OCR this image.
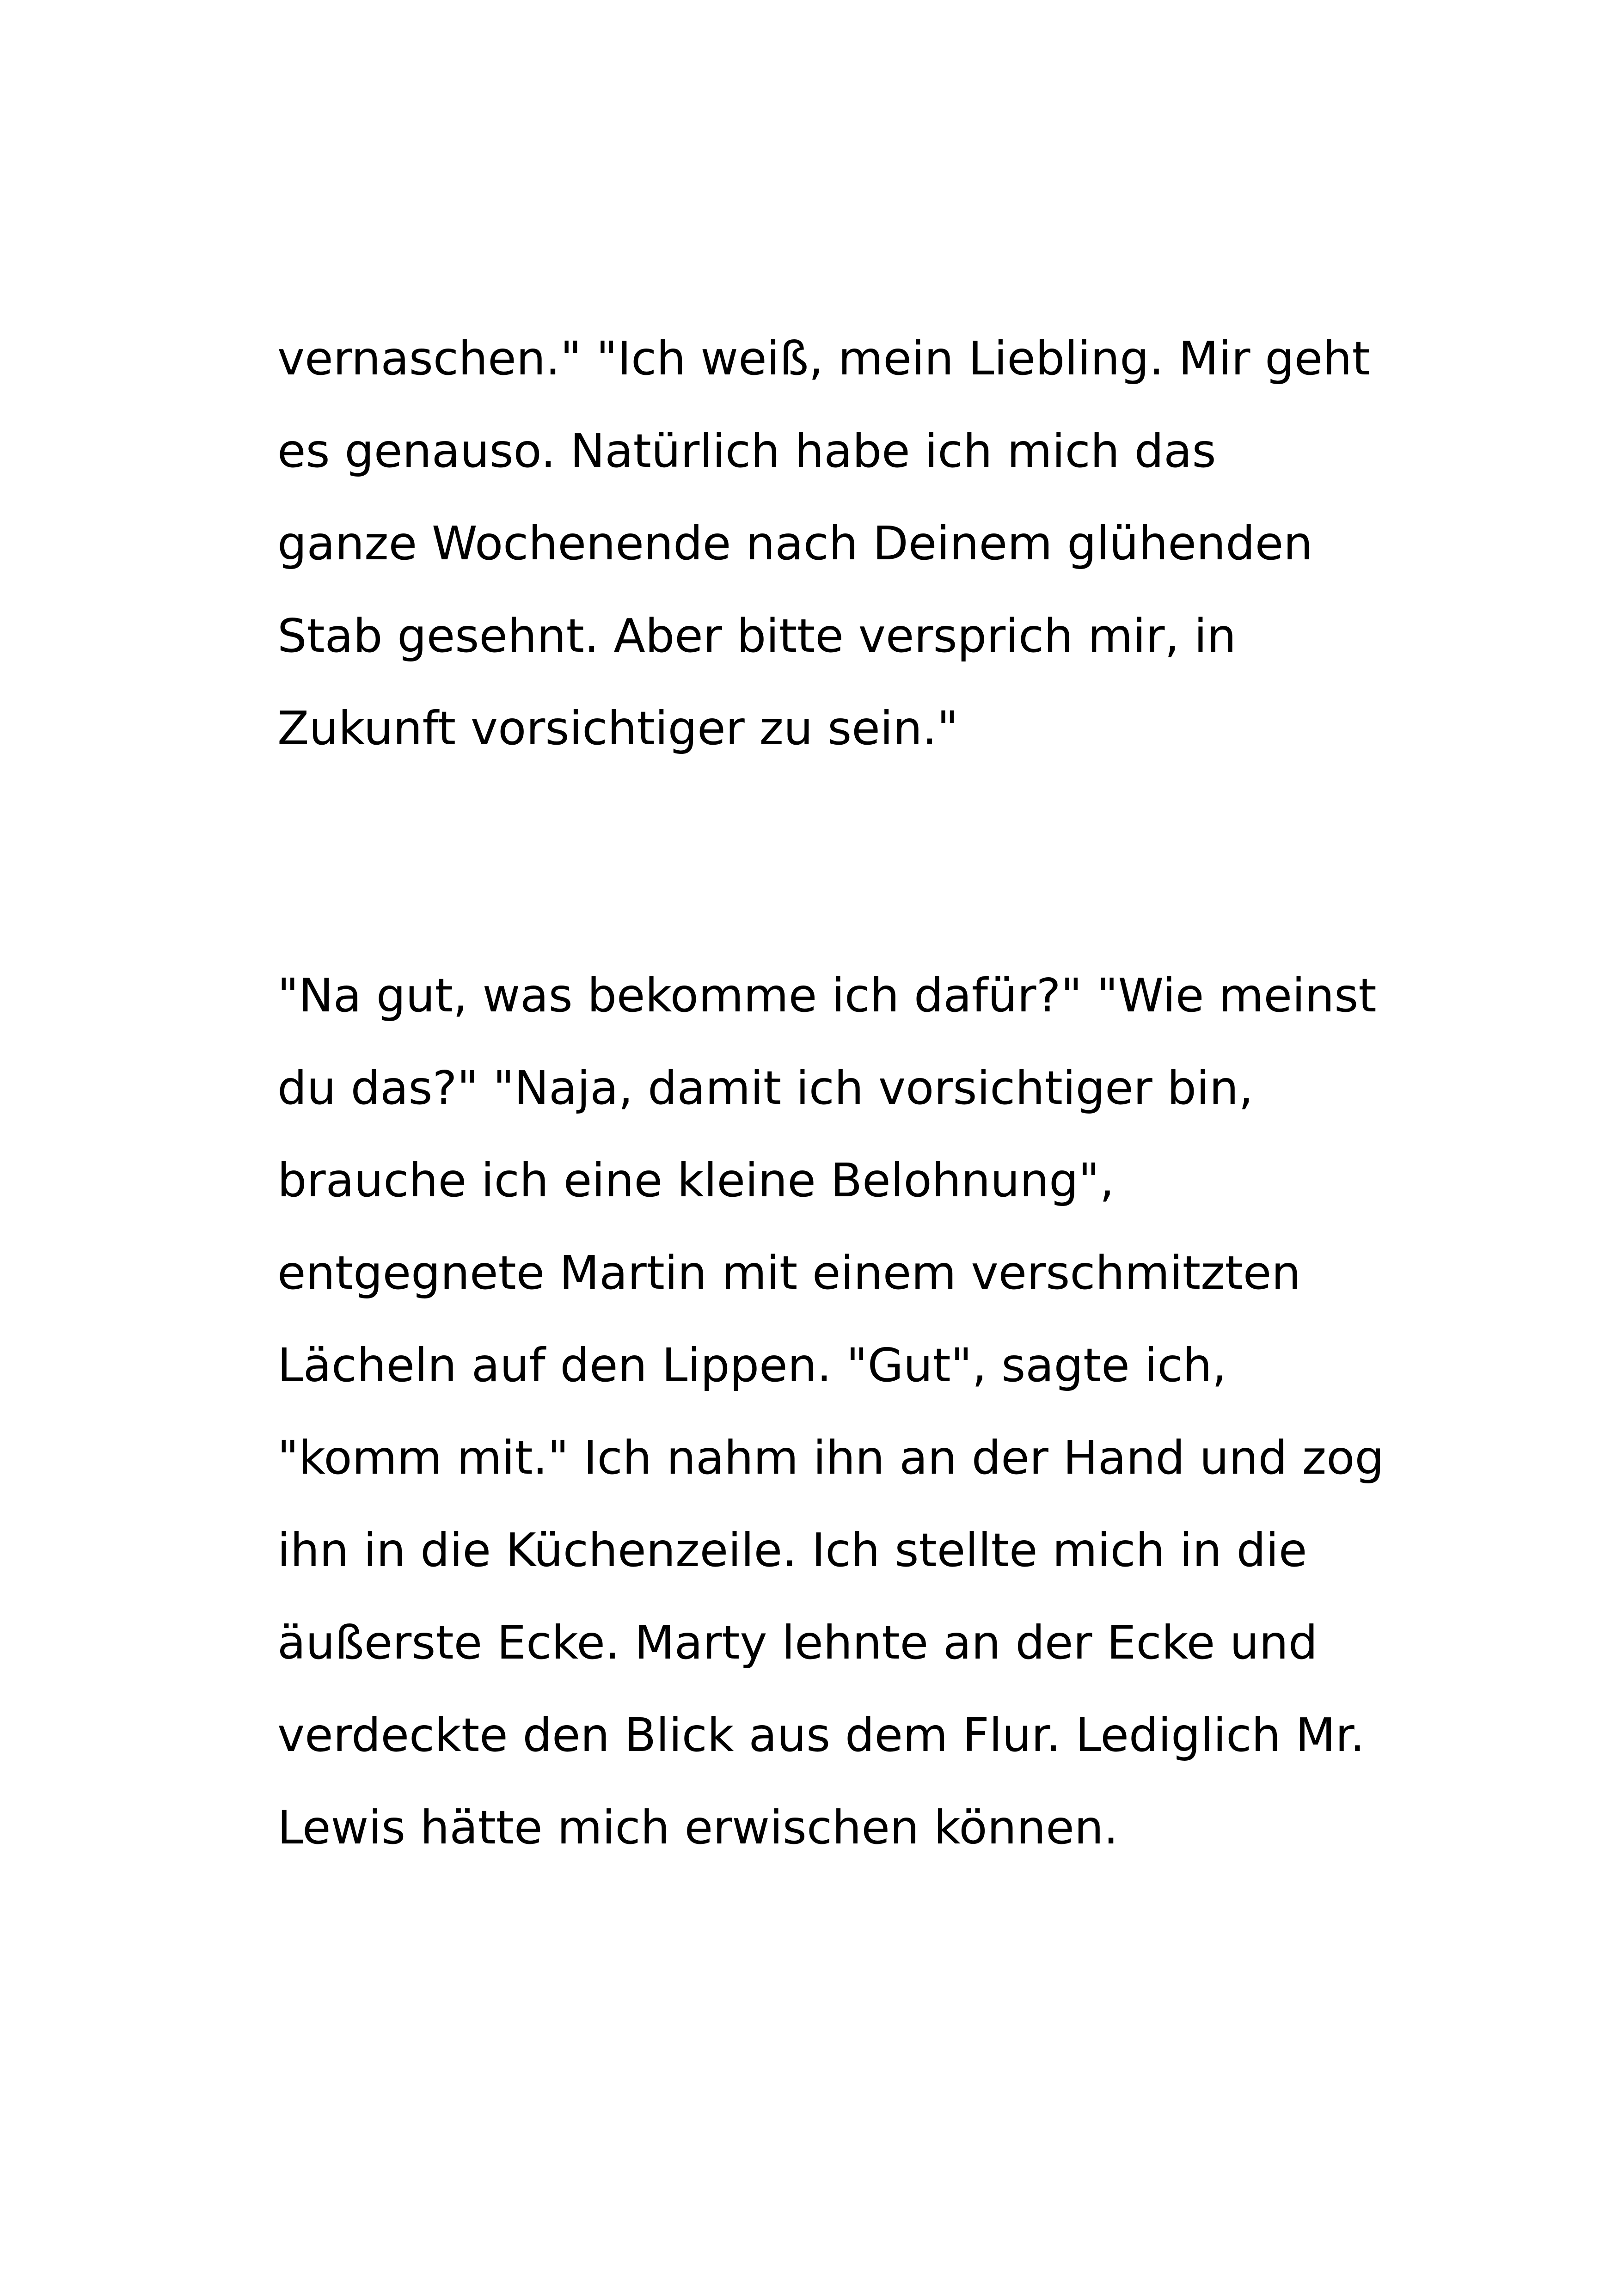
vernaschen." "Ich weiß, mein Liebling. Mir geht
es genauso. Natürlich habe ich mich das
ganze Wochenende nach Deinem glühenden
Stab gesehnt. Aber bitte versprich mir, in
Zukunft vorsichtiger zu sein."

"Na gut, was bekomme ich dafür?" "Wie meinst
du das?" "Naja, damit ich vorsichtiger bin,
brauche ich eine kleine Belohnung",
entgegnete Martin mit einem verschmitzten
Lächeln auf den Lippen. "Gut", sagte ich,
"komm mit." Ich nahm ihn an der Hand und zog
ihn in die Küchenzeile. Ich stellte mich in die
äußerste Ecke. Marty lehnte an der Ecke und
verdeckte den Blick aus dem Flur. Lediglich Mr.
Lewis hätte mich erwischen können.
